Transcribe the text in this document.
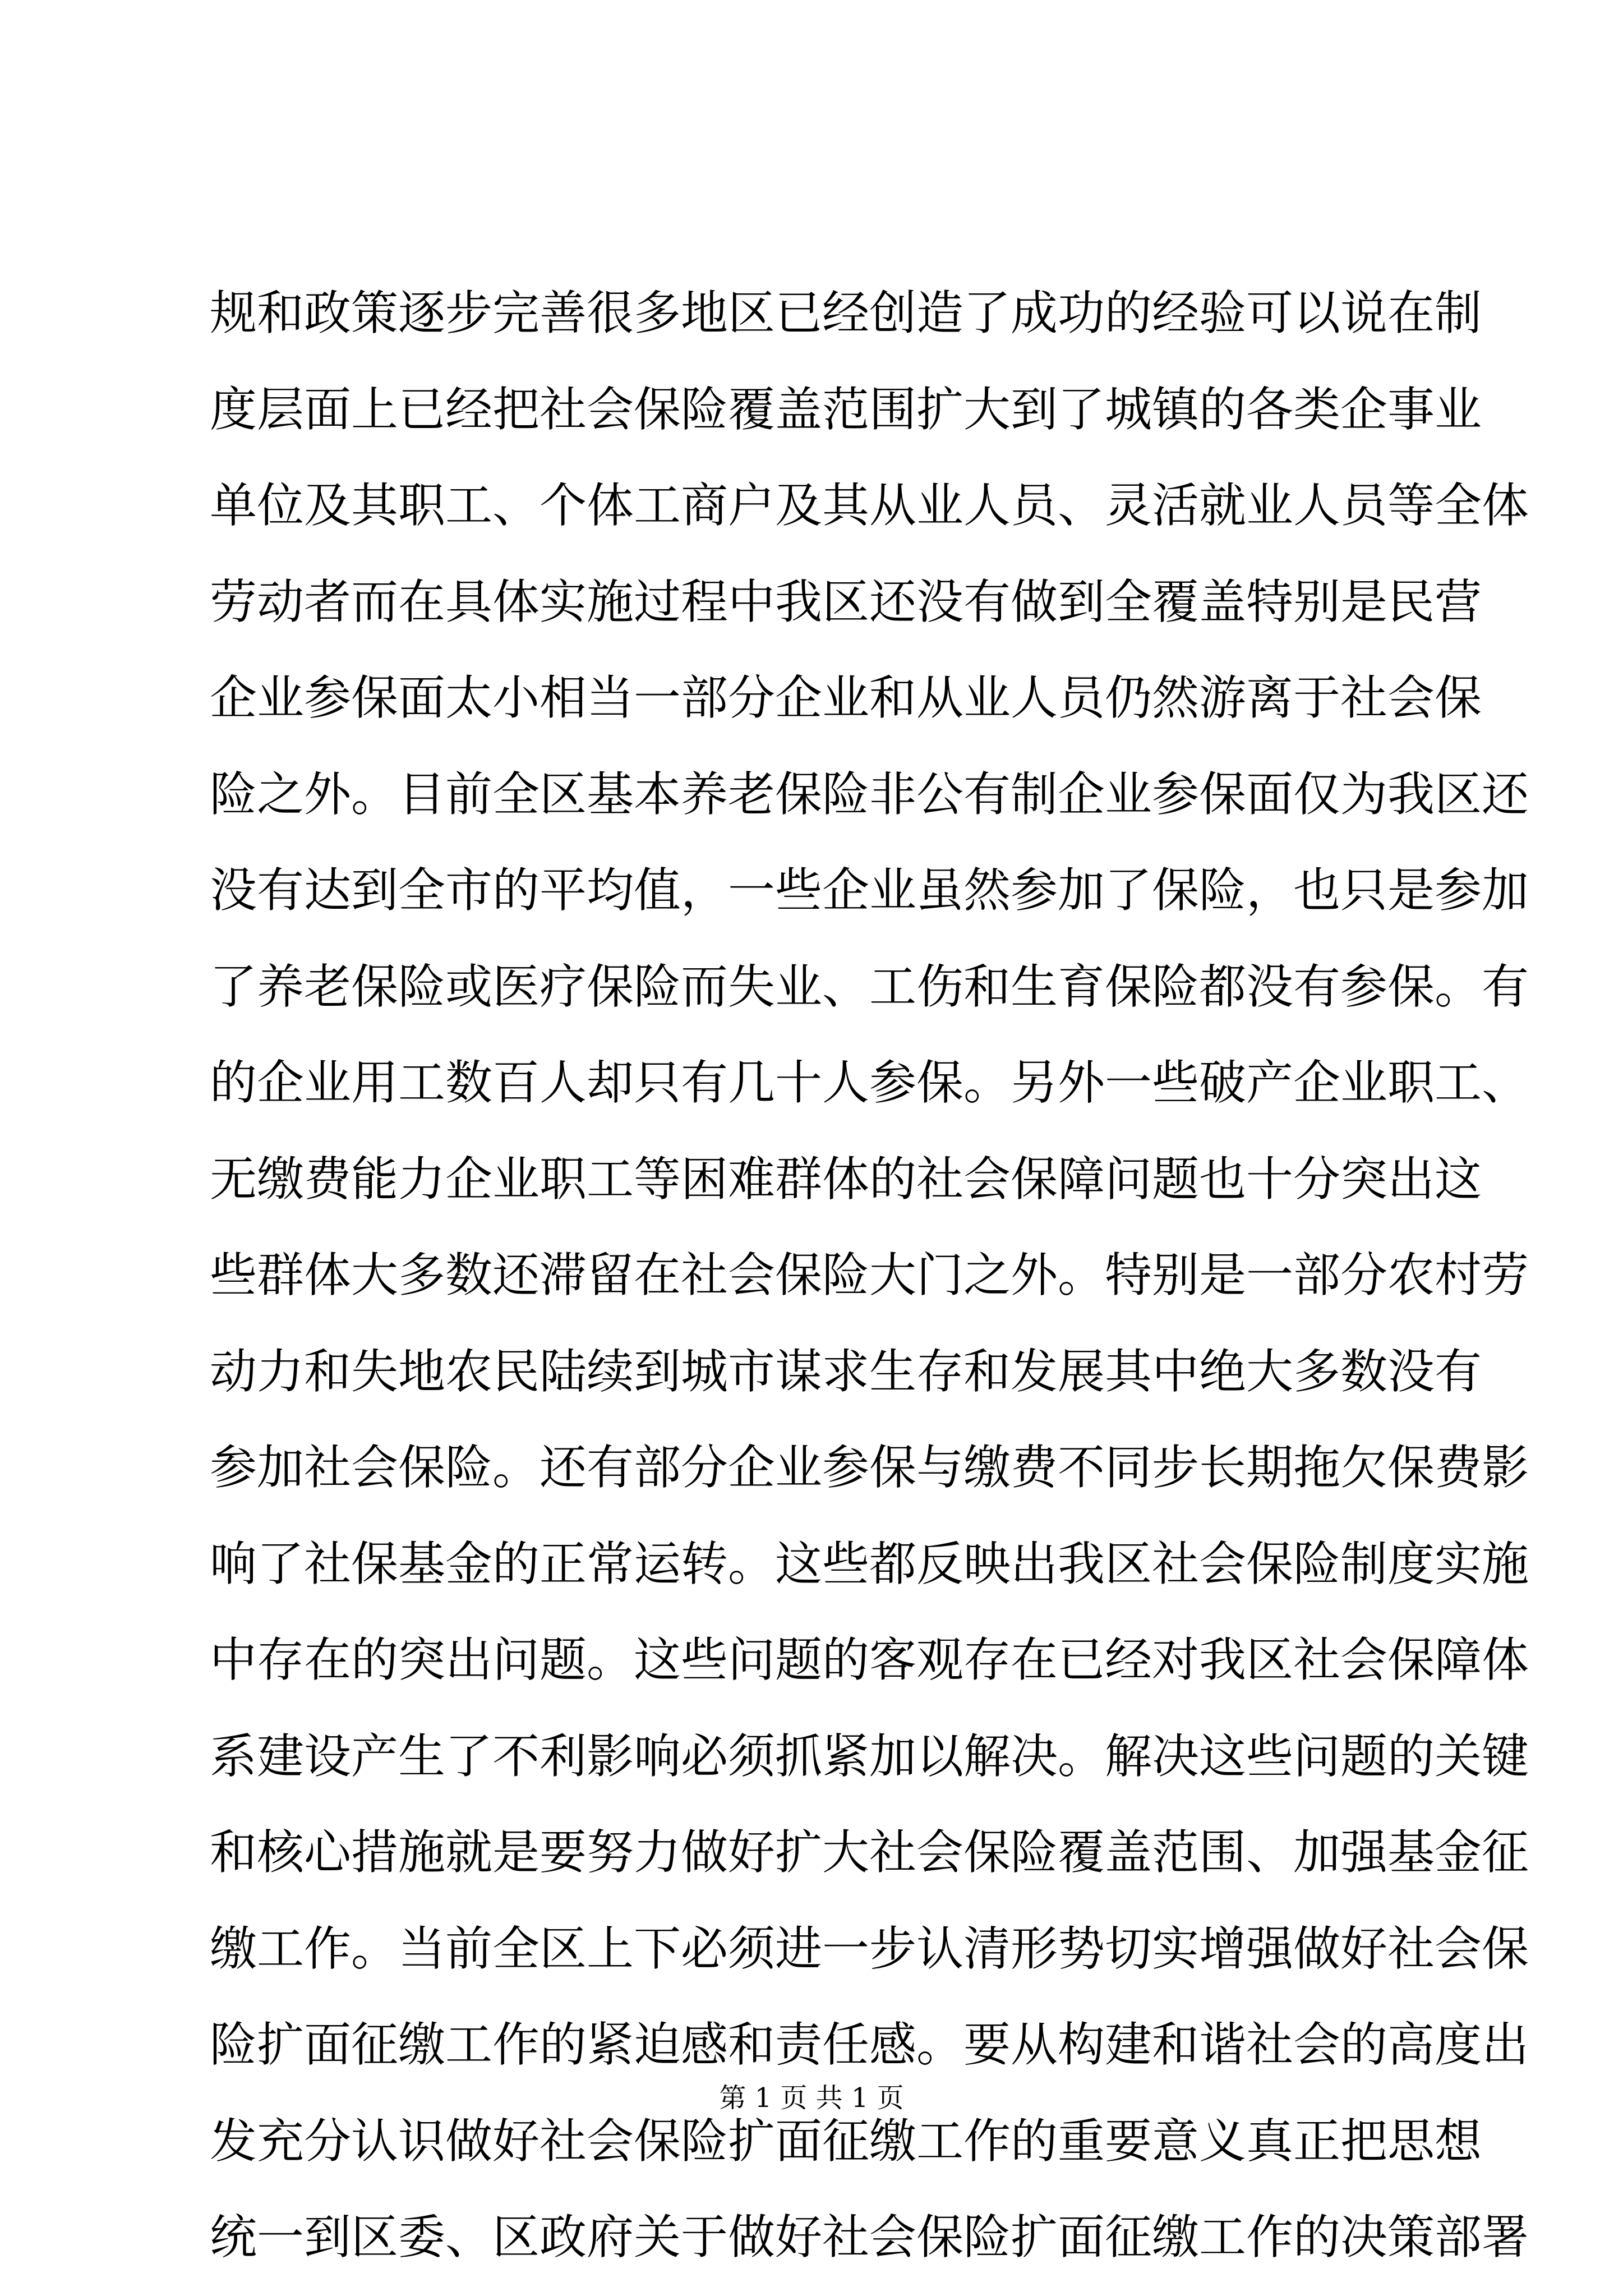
规和政策逐步完善很多地区已经创造了成功的经验可以说在制
度层面上已经把社会保险覆盖范围扩大到了城镇的各类企事业
单位及其职工、个体工商户及其从业人员、灵活就业人员等全体
劳动者而在具体实施过程中我区还没有做到全覆盖特别是民营
企业参保面太小相当一部分企业和从业人员仍然游离于社会保
险之外。目前全区基本养老保险非公有制企业参保面仅为我区还
没有达到全市的平均值，一些企业虽然参加了保险，也只是参加
了养老保险或医疗保险而失业、工伤和生育保险都没有参保。有
的企业用工数百人却只有几十人参保。另外一些破产企业职工、
无缴费能力企业职工等困难群体的社会保障问题也十分突出这
些群体大多数还滞留在社会保险大门之外。特别是一部分农村劳
动力和失地农民陆续到城市谋求生存和发展其中绝大多数没有
参加社会保险。还有部分企业参保与缴费不同步长期拖欠保费影
响了社保基金的正常运转。这些都反映出我区社会保险制度实施
中存在的突出问题。这些问题的客观存在已经对我区社会保障体
系建设产生了不利影响必须抓紧加以解决。解决这些问题的关键
和核心措施就是要努力做好扩大社会保险覆盖范围、加强基金征
缴工作。当前全区上下必须进一步认清形势切实增强做好社会保
险扩面征缴工作的紧迫感和责任感。要从构建和谐社会的高度出
发充分认识做好社会保险扩面征缴工作的重要意义真正把思想
统一到区委、区政府关于做好社会保险扩面征缴工作的决策部署
第 1 页 共 1 页
